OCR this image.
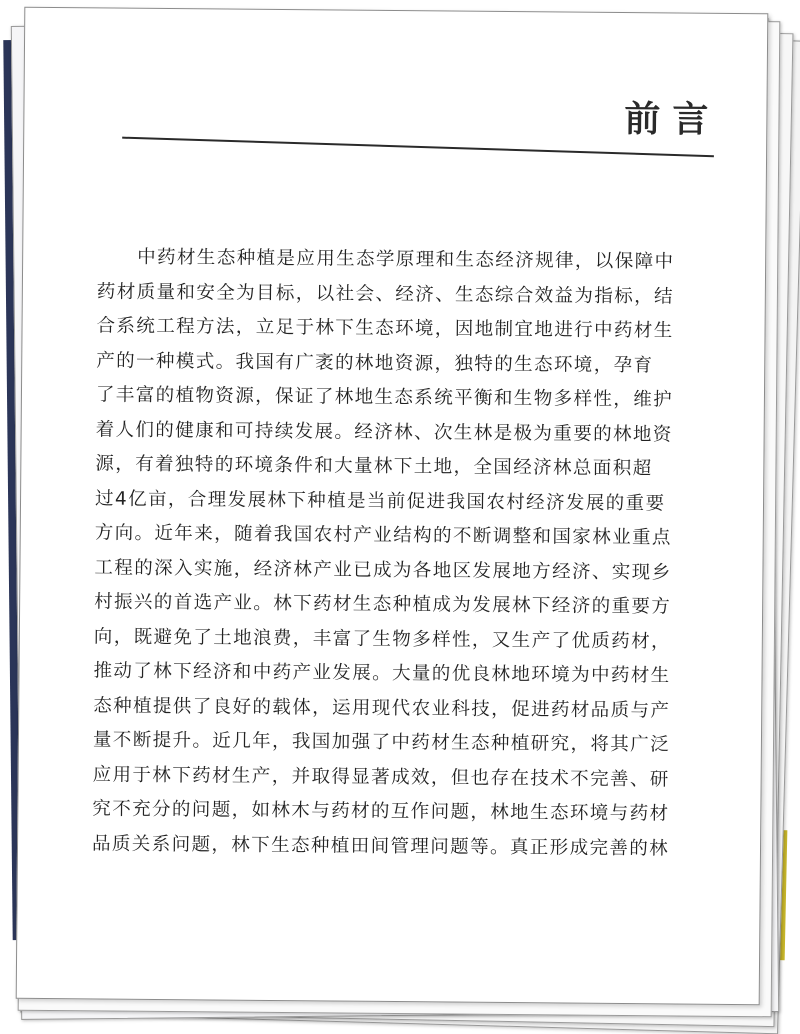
前言
中药材生态种植是应用生态学原理和生态经济规律，以保障中
药材质量和安全为目标，以社会、经济、生态综合效益为指标，结
合系统工程方法，立足于林下生态环境，因地制宜地进行中药材生
产的一种模式。我国有广袤的林地资源，独特的生态环境，孕育
了丰富的植物资源，保证了林地生态系统平衡和生物多样性，维护
着人们的健康和可持续发展。经济林、次生林是极为重要的林地资
源，有着独特的环境条件和大量林下土地，全国经济林总面积超
过4亿亩，合理发展林下种植是当前促进我国农村经济发展的重要
方向。近年来，随着我国农村产业结构的不断调整和国家林业重点
工程的深入实施，经济林产业已成为各地区发展地方经济、实现乡
村振兴的首选产业。林下药材生态种植成为发展林下经济的重要方
向，既避免了土地浪费，丰富了生物多样性，又生产了优质药材，
推动了林下经济和中药产业发展。大量的优良林地环境为中药材生
态种植提供了良好的载体，运用现代农业科技，促进药材品质与产
量不断提升。近几年，我国加强了中药材生态种植研究，将其广泛
应用于林下药材生产，并取得显著成效，但也存在技术不完善、研
究不充分的问题，如林木与药材的互作问题，林地生态环境与药材
品质关系问题，林下生态种植田间管理问题等。真正形成完善的林
